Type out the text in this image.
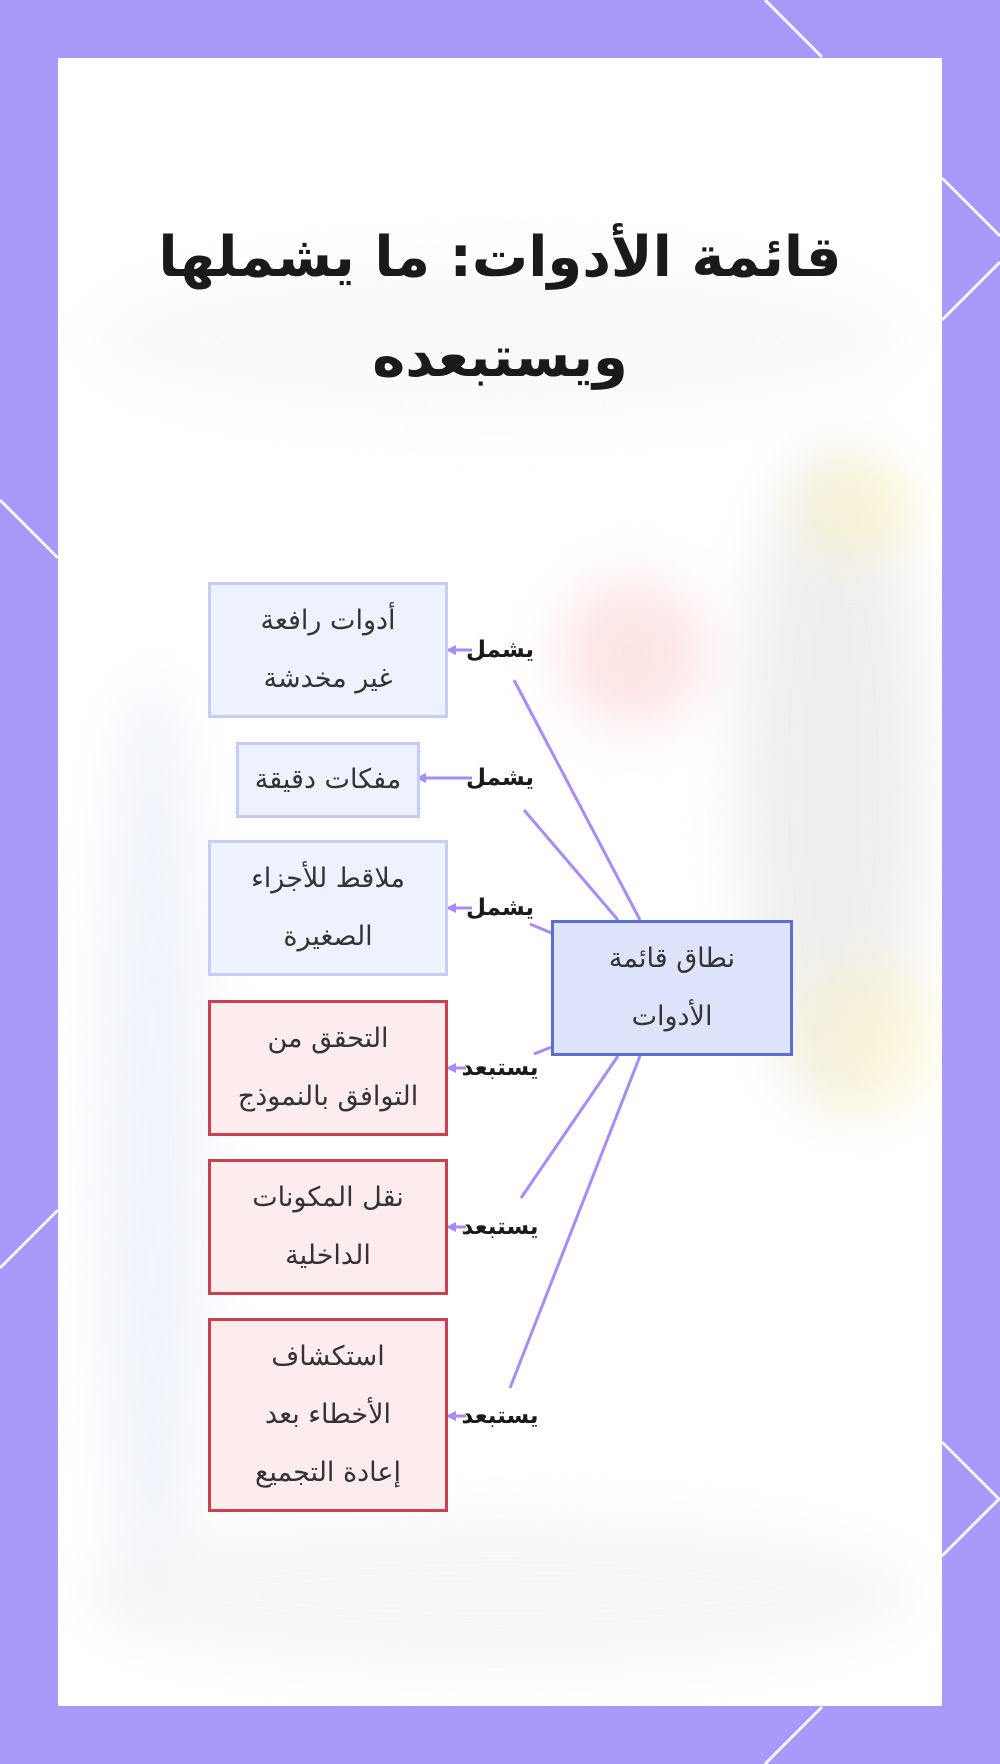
قائمة الأدوات: ما يشملها
ويستبعده
نطاق قائمة
الأدوات
أدوات رافعة
غير مخدشة
مفكات دقيقة
ملاقط للأجزاء
الصغيرة
التحقق من
التوافق بالنموذج
نقل المكونات
الداخلية
استكشاف
الأخطاء بعد
إعادة التجميع
يشمل
يشمل
يشمل
يستبعد
يستبعد
يستبعد
